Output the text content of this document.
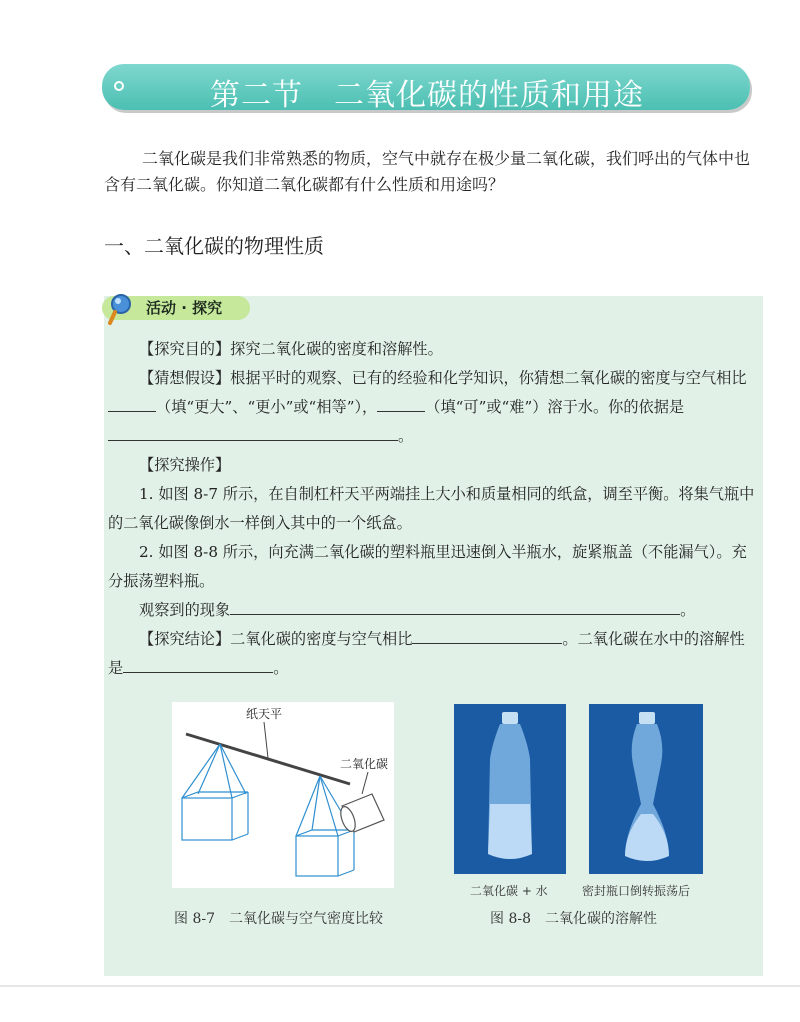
第二节　二氧化碳的性质和用途
二氧化碳是我们非常熟悉的物质，空气中就存在极少量二氧化碳，我们呼出的气体中也含有二氧化碳。你知道二氧化碳都有什么性质和用途吗？
一、二氧化碳的物理性质
活动 · 探究

【探究目的】探究二氧化碳的密度和溶解性。

【猜想假设】根据平时的观察、已有的经验和化学知识，你猜想二氧化碳的密度与空气相比（填“更大”、“更小”或“相等”），	（填“可”或“难”）溶于水。你的依据是。

【探究操作】

1. 如图 8-7 所示，在自制杠杆天平两端挂上大小和质量相同的纸盒，调至平衡。将集气瓶中的二氧化碳像倒水一样倒入其中的一个纸盒。

2. 如图 8-8 所示，向充满二氧化碳的塑料瓶里迅速倒入半瓶水，旋紧瓶盖（不能漏气）。充分振荡塑料瓶。

观察到的现象	。

【探究结论】二氧化碳的密度与空气相比	。二氧化碳在水中的溶解性是	。

纸天平
二氧化碳
二氧化碳 + 水	密封瓶口倒转振荡后
图 8-7　二氧化碳与空气密度比较	图 8-8　二氧化碳的溶解性
